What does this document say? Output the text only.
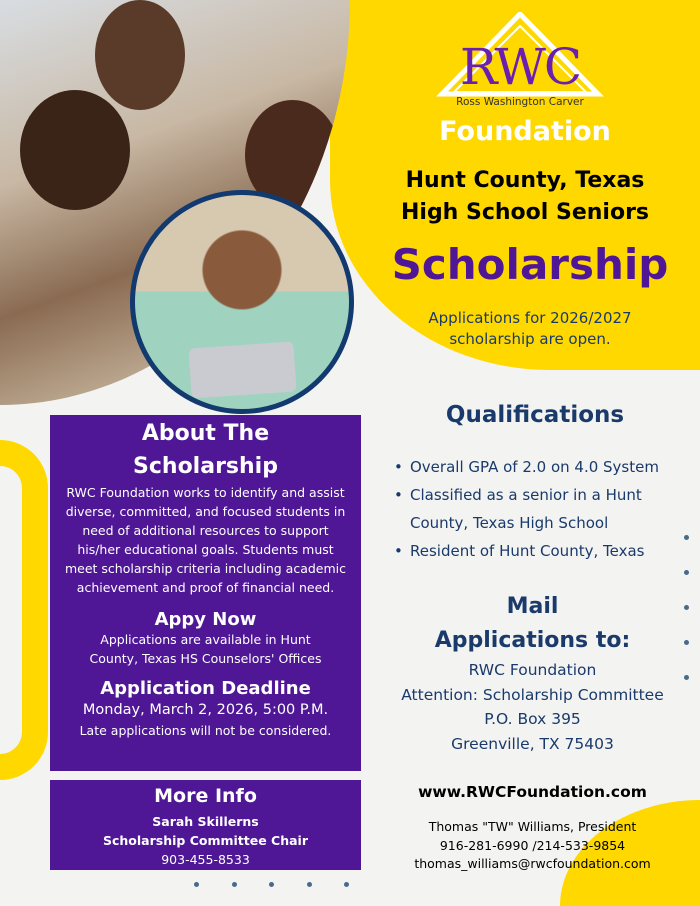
RWC
Ross Washington Carver
Foundation
Hunt County, Texas
High School Seniors
Scholarship
Applications for 2026/2027
scholarship are open.
About The
Scholarship

RWC Foundation works to identify and assist diverse, committed, and focused students in need of additional resources to support his/her educational goals. Students must meet scholarship criteria including academic achievement and proof of financial need.

Appy Now

Applications are available in Hunt County, Texas HS Counselors' Offices

Application Deadline

Monday, March 2, 2026, 5:00 P.M.

Late applications will not be considered.

More Info

Sarah Skillerns

Scholarship Committee Chair

903-455-8533

Qualifications
• Overall GPA of 2.0 on 4.0 System
• Classified as a senior in a Hunt County, Texas High School
• Resident of Hunt County, Texas
Mail
Applications to:
RWC Foundation
Attention: Scholarship Committee
P.O. Box 395
Greenville, TX 75403
www.RWCFoundation.com
Thomas "TW" Williams, President
916-281-6990 /214-533-9854
thomas_williams@rwcfoundation.com
